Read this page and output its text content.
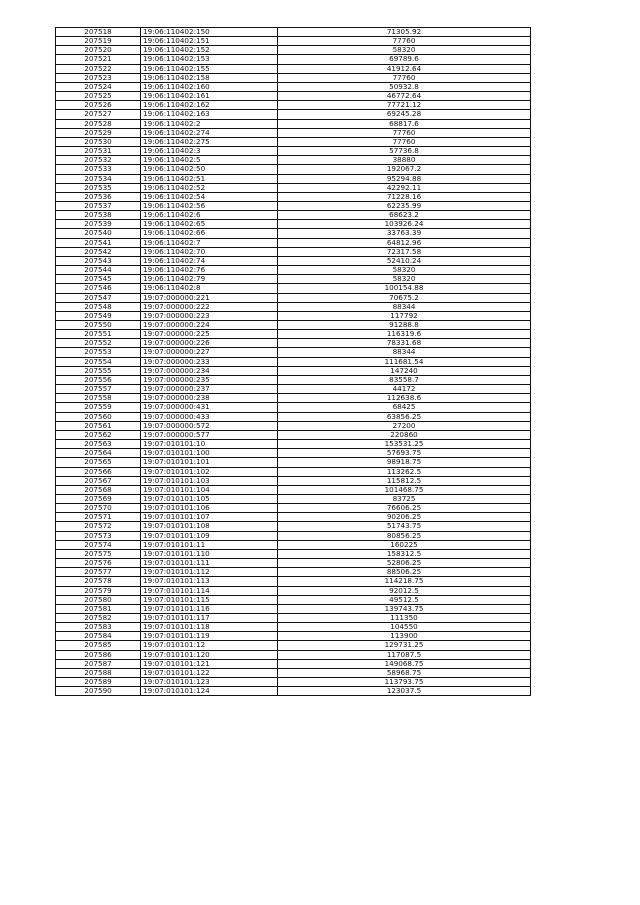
207518	19:06:110402:150	71305.92
207519	19:06:110402:151	77760
207520	19:06:110402:152	58320
207521	19:06:110402:153	69789.6
207522	19:06:110402:155	41912.64
207523	19:06:110402:158	77760
207524	19:06:110402:160	50932.8
207525	19:06:110402:161	46772.64
207526	19:06:110402:162	77721.12
207527	19:06:110402:163	69245.28
207528	19:06:110402:2	68817.6
207529	19:06:110402:274	77760
207530	19:06:110402:275	77760
207531	19:06:110402:3	57736.8
207532	19:06:110402:5	38880
207533	19:06:110402:50	192067.2
207534	19:06:110402:51	95294.88
207535	19:06:110402:52	42292.11
207536	19:06:110402:54	71228.16
207537	19:06:110402:56	62235.99
207538	19:06:110402:6	68623.2
207539	19:06:110402:65	103926.24
207540	19:06:110402:66	33763.39
207541	19:06:110402:7	64812.96
207542	19:06:110402:70	72317.58
207543	19:06:110402:74	52410.24
207544	19:06:110402:76	58320
207545	19:06:110402:79	58320
207546	19:06:110402:8	100154.88
207547	19:07:000000:221	70675.2
207548	19:07:000000:222	88344
207549	19:07:000000:223	117792
207550	19:07:000000:224	91288.8
207551	19:07:000000:225	116319.6
207552	19:07:000000:226	78331.68
207553	19:07:000000:227	88344
207554	19:07:000000:233	111681.54
207555	19:07:000000:234	147240
207556	19:07:000000:235	83558.7
207557	19:07:000000:237	44172
207558	19:07:000000:238	112638.6
207559	19:07:000000:431	68425
207560	19:07:000000:433	63856.25
207561	19:07:000000:572	27200
207562	19:07:000000:577	220860
207563	19:07:010101:10	153531.25
207564	19:07:010101:100	57693.75
207565	19:07:010101:101	98918.75
207566	19:07:010101:102	113262.5
207567	19:07:010101:103	115812.5
207568	19:07:010101:104	101468.75
207569	19:07:010101:105	83725
207570	19:07:010101:106	76606.25
207571	19:07:010101:107	90206.25
207572	19:07:010101:108	51743.75
207573	19:07:010101:109	80856.25
207574	19:07:010101:11	160225
207575	19:07:010101:110	158312.5
207576	19:07:010101:111	52806.25
207577	19:07:010101:112	88506.25
207578	19:07:010101:113	114218.75
207579	19:07:010101:114	92012.5
207580	19:07:010101:115	49512.5
207581	19:07:010101:116	139743.75
207582	19:07:010101:117	111350
207583	19:07:010101:118	104550
207584	19:07:010101:119	113900
207585	19:07:010101:12	129731.25
207586	19:07:010101:120	117087.5
207587	19:07:010101:121	149068.75
207588	19:07:010101:122	58968.75
207589	19:07:010101:123	113793.75
207590	19:07:010101:124	123037.5
